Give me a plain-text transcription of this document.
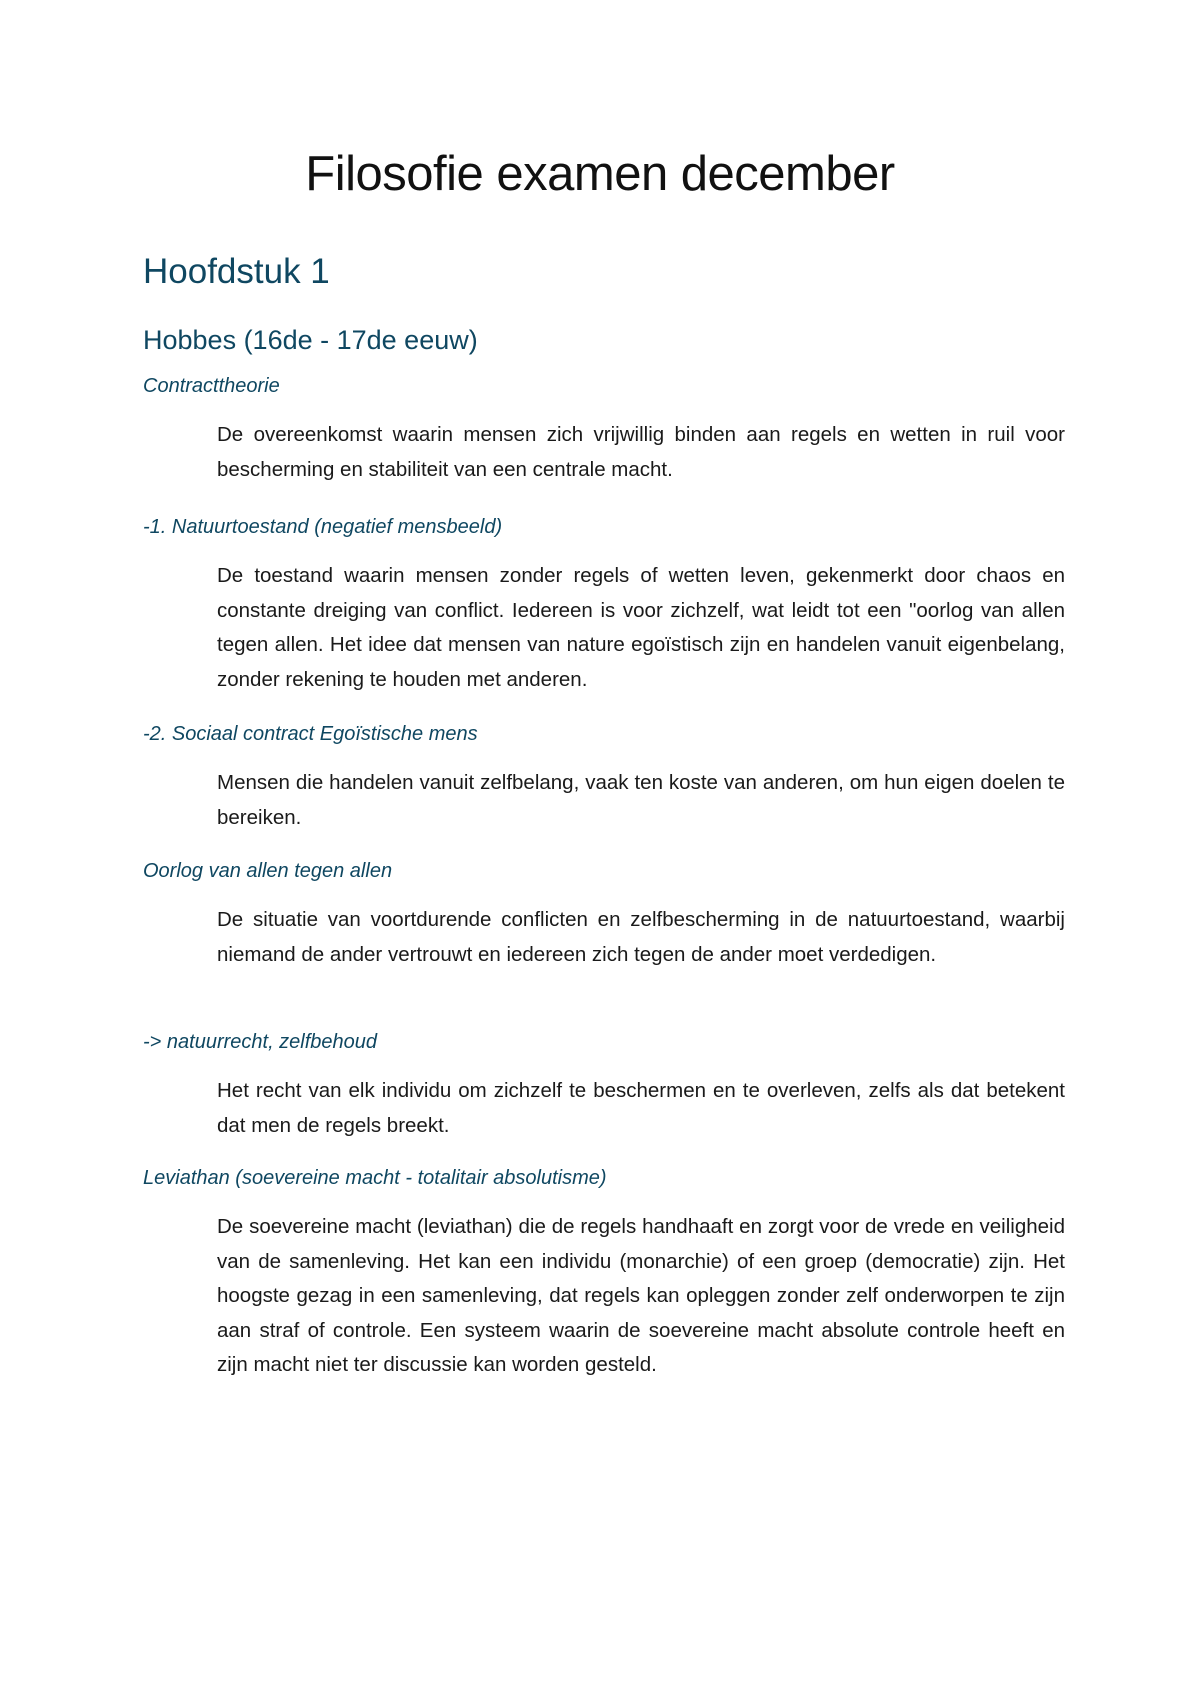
Filosofie examen december
Hoofdstuk 1
Hobbes (16de - 17de eeuw)

Contracttheorie

De overeenkomst waarin mensen zich vrijwillig binden aan regels en wetten in ruil voor bescherming en stabiliteit van een centrale macht.

-1. Natuurtoestand (negatief mensbeeld)

De toestand waarin mensen zonder regels of wetten leven, gekenmerkt door chaos en constante dreiging van conflict. Iedereen is voor zichzelf, wat leidt tot een "oorlog van allen tegen allen. Het idee dat mensen van nature egoïstisch zijn en handelen vanuit eigenbelang, zonder rekening te houden met anderen.

-2. Sociaal contract Egoïstische mens

Mensen die handelen vanuit zelfbelang, vaak ten koste van anderen, om hun eigen doelen te bereiken.

Oorlog van allen tegen allen

De situatie van voortdurende conflicten en zelfbescherming in de natuurtoestand, waarbij niemand de ander vertrouwt en iedereen zich tegen de ander moet verdedigen.

-> natuurrecht, zelfbehoud

Het recht van elk individu om zichzelf te beschermen en te overleven, zelfs als dat betekent dat men de regels breekt.

Leviathan (soevereine macht - totalitair absolutisme)

De soevereine macht (leviathan) die de regels handhaaft en zorgt voor de vrede en veiligheid van de samenleving. Het kan een individu (monarchie) of een groep (democratie) zijn. Het hoogste gezag in een samenleving, dat regels kan opleggen zonder zelf onderworpen te zijn aan straf of controle. Een systeem waarin de soevereine macht absolute controle heeft en zijn macht niet ter discussie kan worden gesteld.
